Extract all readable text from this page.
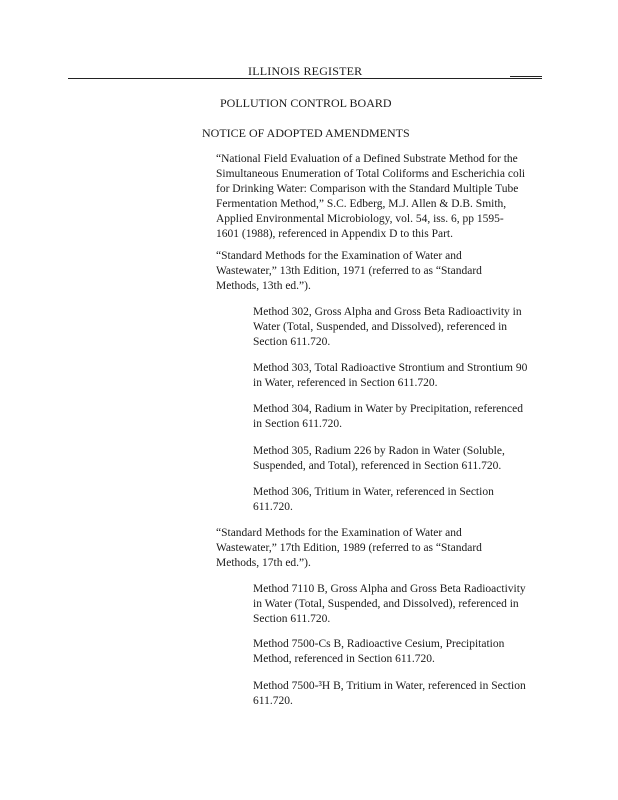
ILLINOIS REGISTER
POLLUTION CONTROL BOARD
NOTICE OF ADOPTED AMENDMENTS

“National Field Evaluation of a Defined Substrate Method for the
Simultaneous Enumeration of Total Coliforms and Escherichia coli
for Drinking Water: Comparison with the Standard Multiple Tube
Fermentation Method,” S.C. Edberg, M.J. Allen & D.B. Smith,
Applied Environmental Microbiology, vol. 54, iss. 6, pp 1595-
1601 (1988), referenced in Appendix D to this Part.

“Standard Methods for the Examination of Water and
Wastewater,” 13th Edition, 1971 (referred to as “Standard
Methods, 13th ed.”).

Method 302, Gross Alpha and Gross Beta Radioactivity in
Water (Total, Suspended, and Dissolved), referenced in
Section 611.720.

Method 303, Total Radioactive Strontium and Strontium 90
in Water, referenced in Section 611.720.

Method 304, Radium in Water by Precipitation, referenced
in Section 611.720.

Method 305, Radium 226 by Radon in Water (Soluble,
Suspended, and Total), referenced in Section 611.720.

Method 306, Tritium in Water, referenced in Section
611.720.

“Standard Methods for the Examination of Water and
Wastewater,” 17th Edition, 1989 (referred to as “Standard
Methods, 17th ed.”).

Method 7110 B, Gross Alpha and Gross Beta Radioactivity
in Water (Total, Suspended, and Dissolved), referenced in
Section 611.720.

Method 7500-Cs B, Radioactive Cesium, Precipitation
Method, referenced in Section 611.720.

Method 7500-³H B, Tritium in Water, referenced in Section
611.720.
